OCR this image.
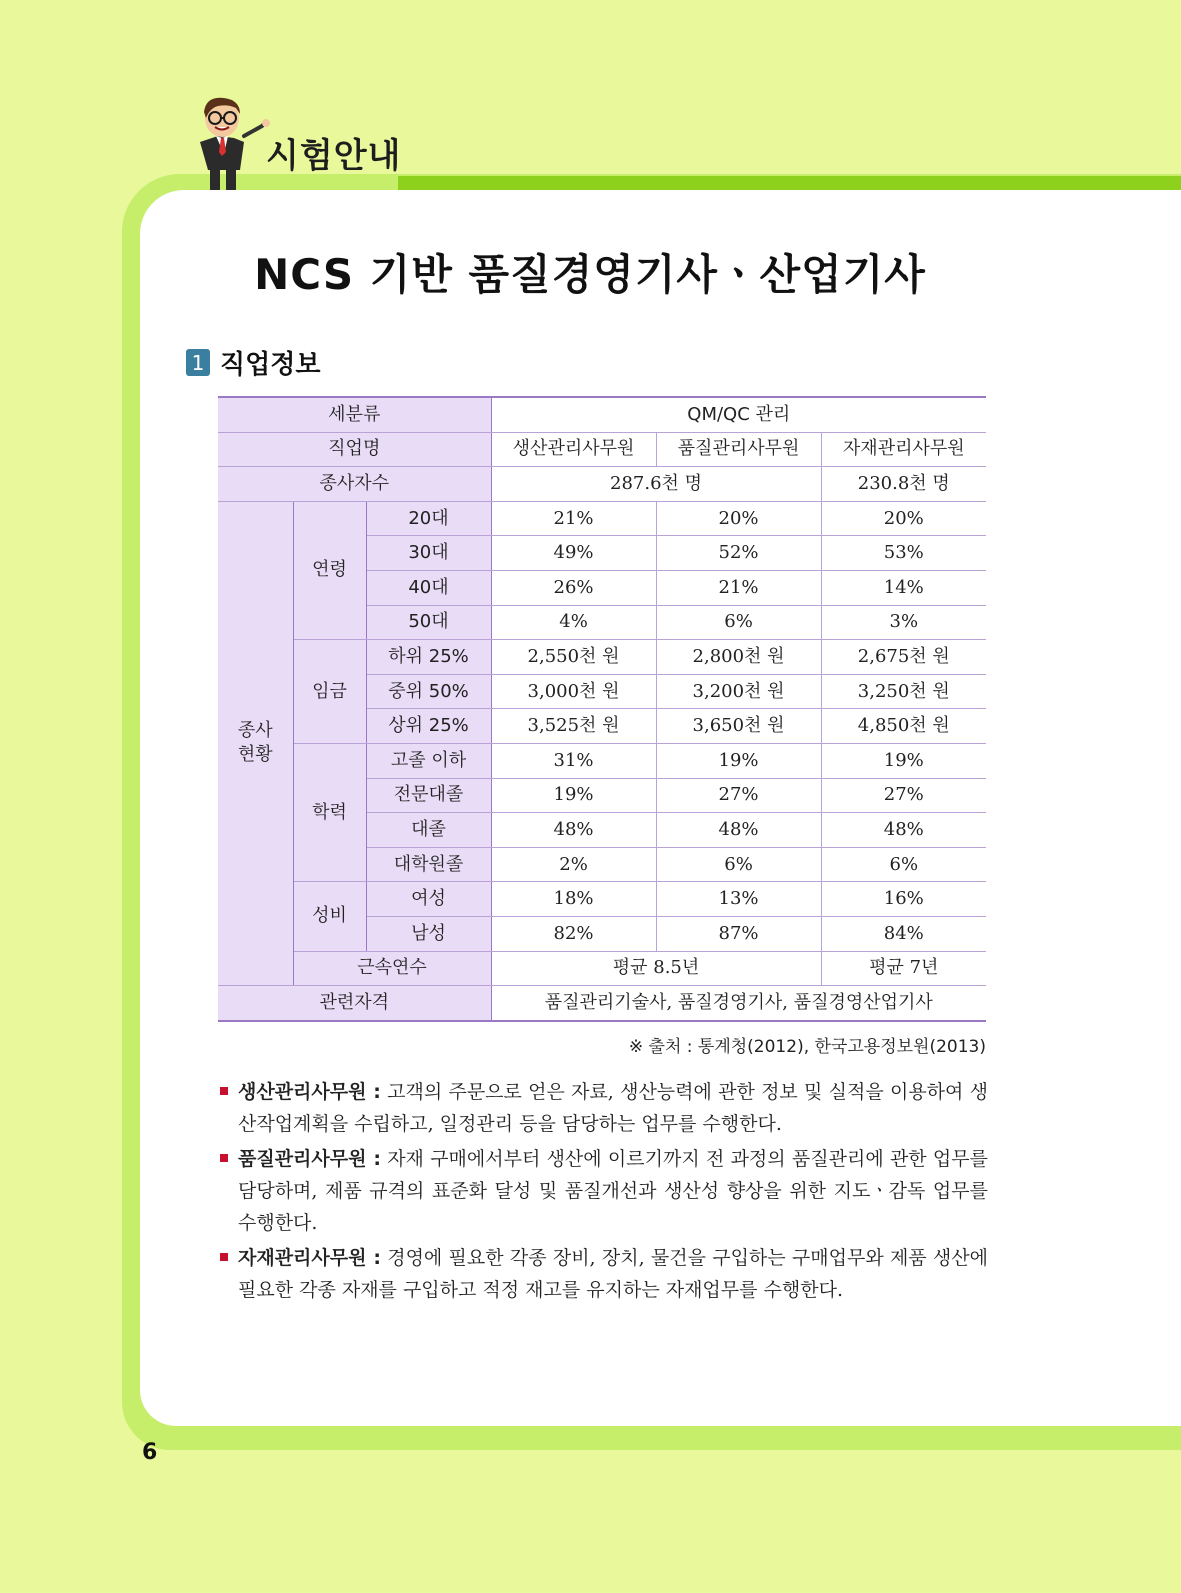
시험안내
NCS 기반 품질경영기사ㆍ산업기사
1 직업정보
세분류			QM/QC 관리		
직업명			생산관리사무원	품질관리사무원	자재관리사무원
종사자수			287.6천 명		230.8천 명
종사
현황	연령	20대	21%	20%	20%
		30대	49%	52%	53%
		40대	26%	21%	14%
		50대	4%	6%	3%
	임금	하위 25%	2,550천 원	2,800천 원	2,675천 원
		중위 50%	3,000천 원	3,200천 원	3,250천 원
		상위 25%	3,525천 원	3,650천 원	4,850천 원
	학력	고졸 이하	31%	19%	19%
		전문대졸	19%	27%	27%
		대졸	48%	48%	48%
		대학원졸	2%	6%	6%
	성비	여성	18%	13%	16%
		남성	82%	87%	84%
	근속연수		평균 8.5년		평균 7년
관련자격			품질관리기술사, 품질경영기사, 품질경영산업기사		
※ 출처 : 통계청(2012), 한국고용정보원(2013)
생산관리사무원 : 고객의 주문으로 얻은 자료, 생산능력에 관한 정보 및 실적을 이용하여 생산작업계획을 수립하고, 일정관리 등을 담당하는 업무를 수행한다.
품질관리사무원 : 자재 구매에서부터 생산에 이르기까지 전 과정의 품질관리에 관한 업무를 담당하며, 제품 규격의 표준화 달성 및 품질개선과 생산성 향상을 위한 지도ㆍ감독 업무를 수행한다.
자재관리사무원 : 경영에 필요한 각종 장비, 장치, 물건을 구입하는 구매업무와 제품 생산에 필요한 각종 자재를 구입하고 적정 재고를 유지하는 자재업무를 수행한다.
6
